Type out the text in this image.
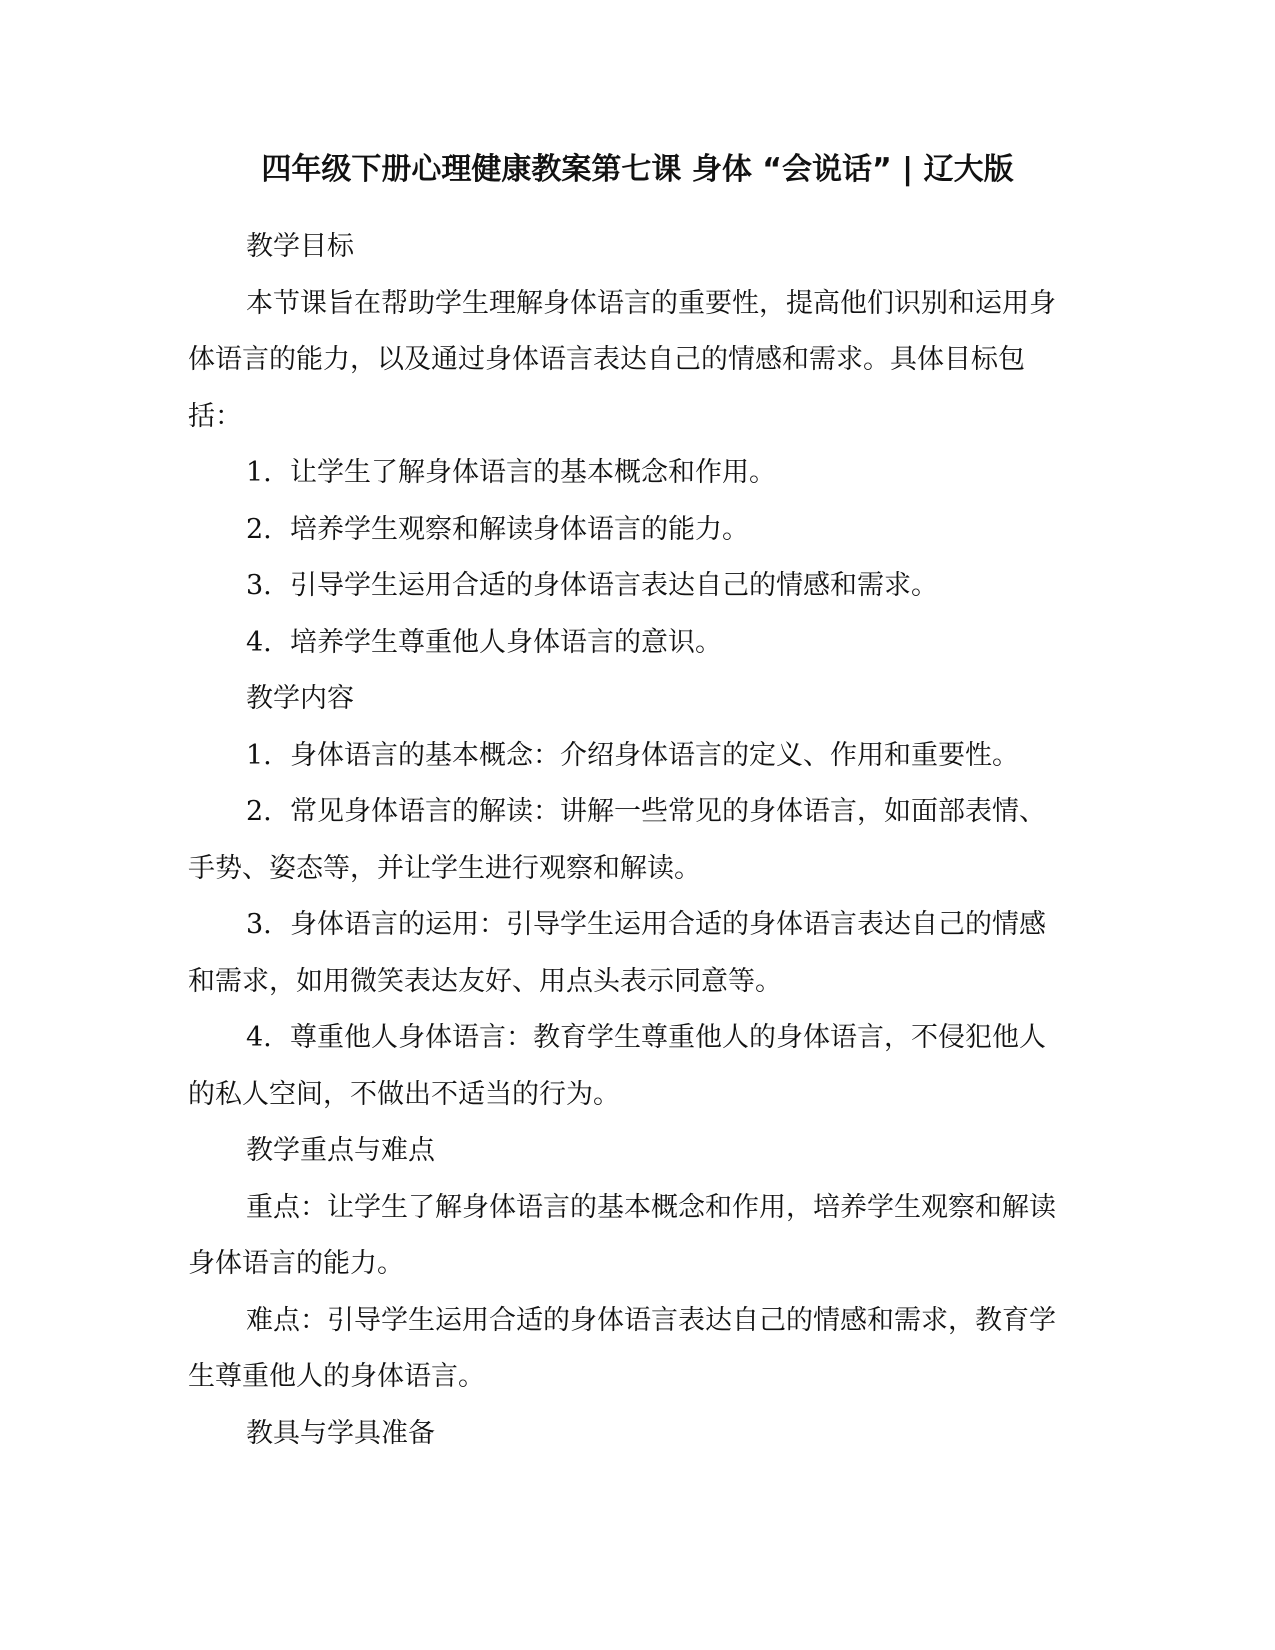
四年级下册心理健康教案第七课 身体 “会说话” | 辽大版

教学目标

本节课旨在帮助学生理解身体语言的重要性，提高他们识别和运用身体语言的能力，以及通过身体语言表达自己的情感和需求。具体目标包括：

1. 让学生了解身体语言的基本概念和作用。

2. 培养学生观察和解读身体语言的能力。

3. 引导学生运用合适的身体语言表达自己的情感和需求。

4. 培养学生尊重他人身体语言的意识。

教学内容

1. 身体语言的基本概念：介绍身体语言的定义、作用和重要性。

2. 常见身体语言的解读：讲解一些常见的身体语言，如面部表情、手势、姿态等，并让学生进行观察和解读。

3. 身体语言的运用：引导学生运用合适的身体语言表达自己的情感和需求，如用微笑表达友好、用点头表示同意等。

4. 尊重他人身体语言：教育学生尊重他人的身体语言，不侵犯他人的私人空间，不做出不适当的行为。

教学重点与难点

重点：让学生了解身体语言的基本概念和作用，培养学生观察和解读身体语言的能力。

难点：引导学生运用合适的身体语言表达自己的情感和需求，教育学生尊重他人的身体语言。

教具与学具准备
